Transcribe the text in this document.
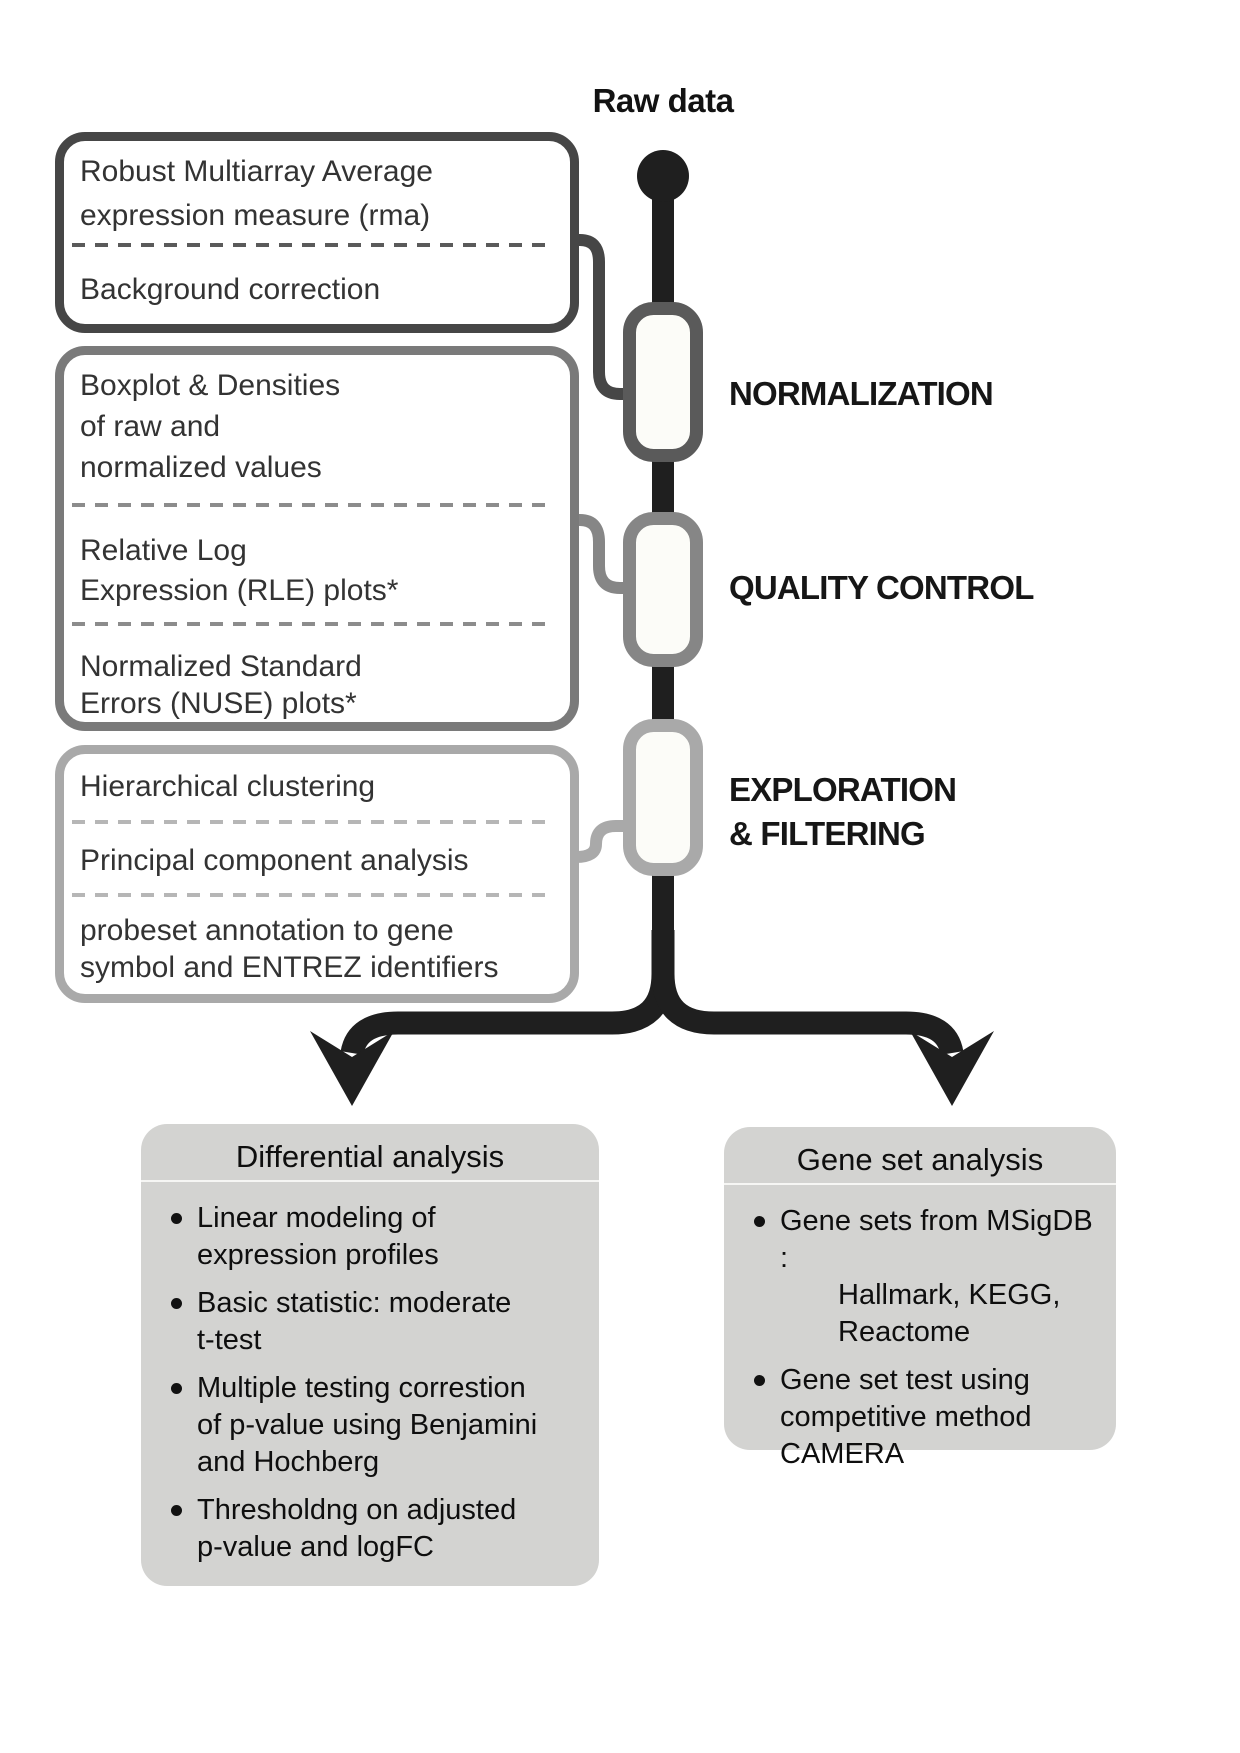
Raw data
Robust Multiarray Average
expression measure (rma)
Background correction
Boxplot & Densities
of raw and
normalized values
Relative Log
Expression (RLE) plots*
Normalized Standard
Errors (NUSE) plots*
Hierarchical clustering
Principal component analysis
probeset annotation to gene
symbol and ENTREZ identifiers
NORMALIZATION
QUALITY CONTROL
EXPLORATION
& FILTERING
Differential analysis
Linear modeling of
expression profiles
Basic statistic: moderate
t-test
Multiple testing correstion
of p-value using Benjamini
and Hochberg
Thresholdng on adjusted
p-value and logFC
Gene set analysis
Gene sets from MSigDB :
Hallmark, KEGG,
Reactome
Gene set test using
competitive method
CAMERA
